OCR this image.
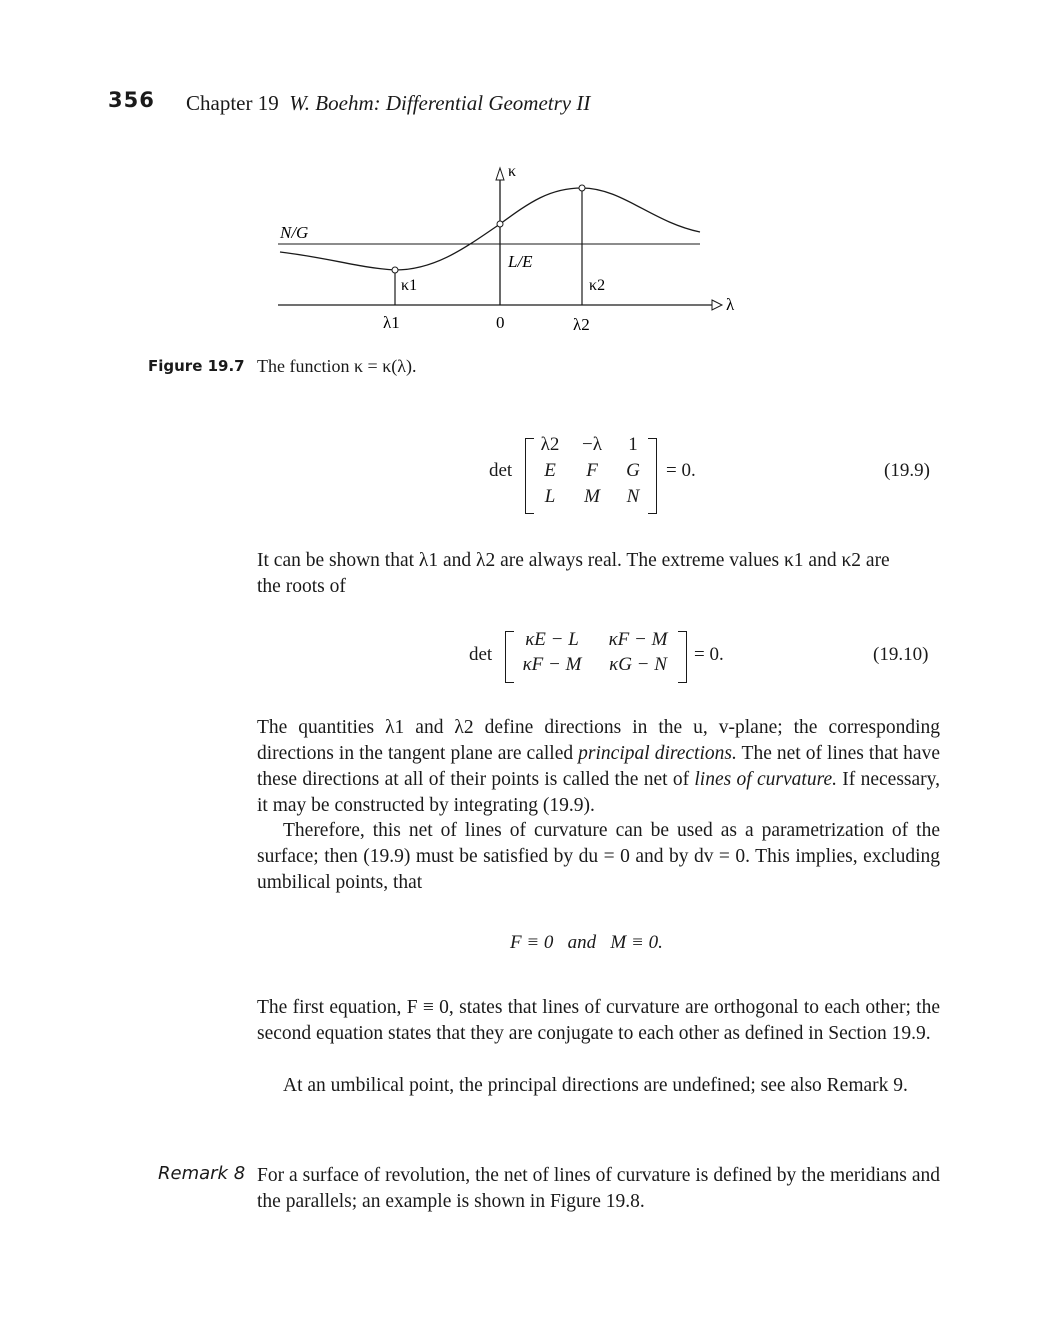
356 Chapter 19 W. Boehm: Differential Geometry II
κ
N/G
L/E
κ1	κ2
λ
λ1	0	λ2
Figure 19.7 The function κ = κ(λ).
det
λ2	−λ	1
E	F	G
L	M	N
= 0.	(19.9)
It can be shown that λ1 and λ2 are always real. The extreme values κ1 and κ2 are
the roots of
det
κE − L	κF − M
κF − M	κG − N	= 0.	(19.10)
The quantities λ1 and λ2 define directions in the u, v-plane; the corresponding directions in the tangent plane are called principal directions. The net of lines that have these directions at all of their points is called the net of lines of curvature. If necessary, it may be constructed by integrating (19.9).
Therefore, this net of lines of curvature can be used as a parametrization of the surface; then (19.9) must be satisfied by du = 0 and by dv = 0. This implies, excluding umbilical points, that
F ≡ 0   and   M ≡ 0.
The first equation, F ≡ 0, states that lines of curvature are orthogonal to each other; the second equation states that they are conjugate to each other as defined in Section 19.9.
At an umbilical point, the principal directions are undefined; see also Remark 9.
Remark 8 For a surface of revolution, the net of lines of curvature is defined by the meridians and the parallels; an example is shown in Figure 19.8.
